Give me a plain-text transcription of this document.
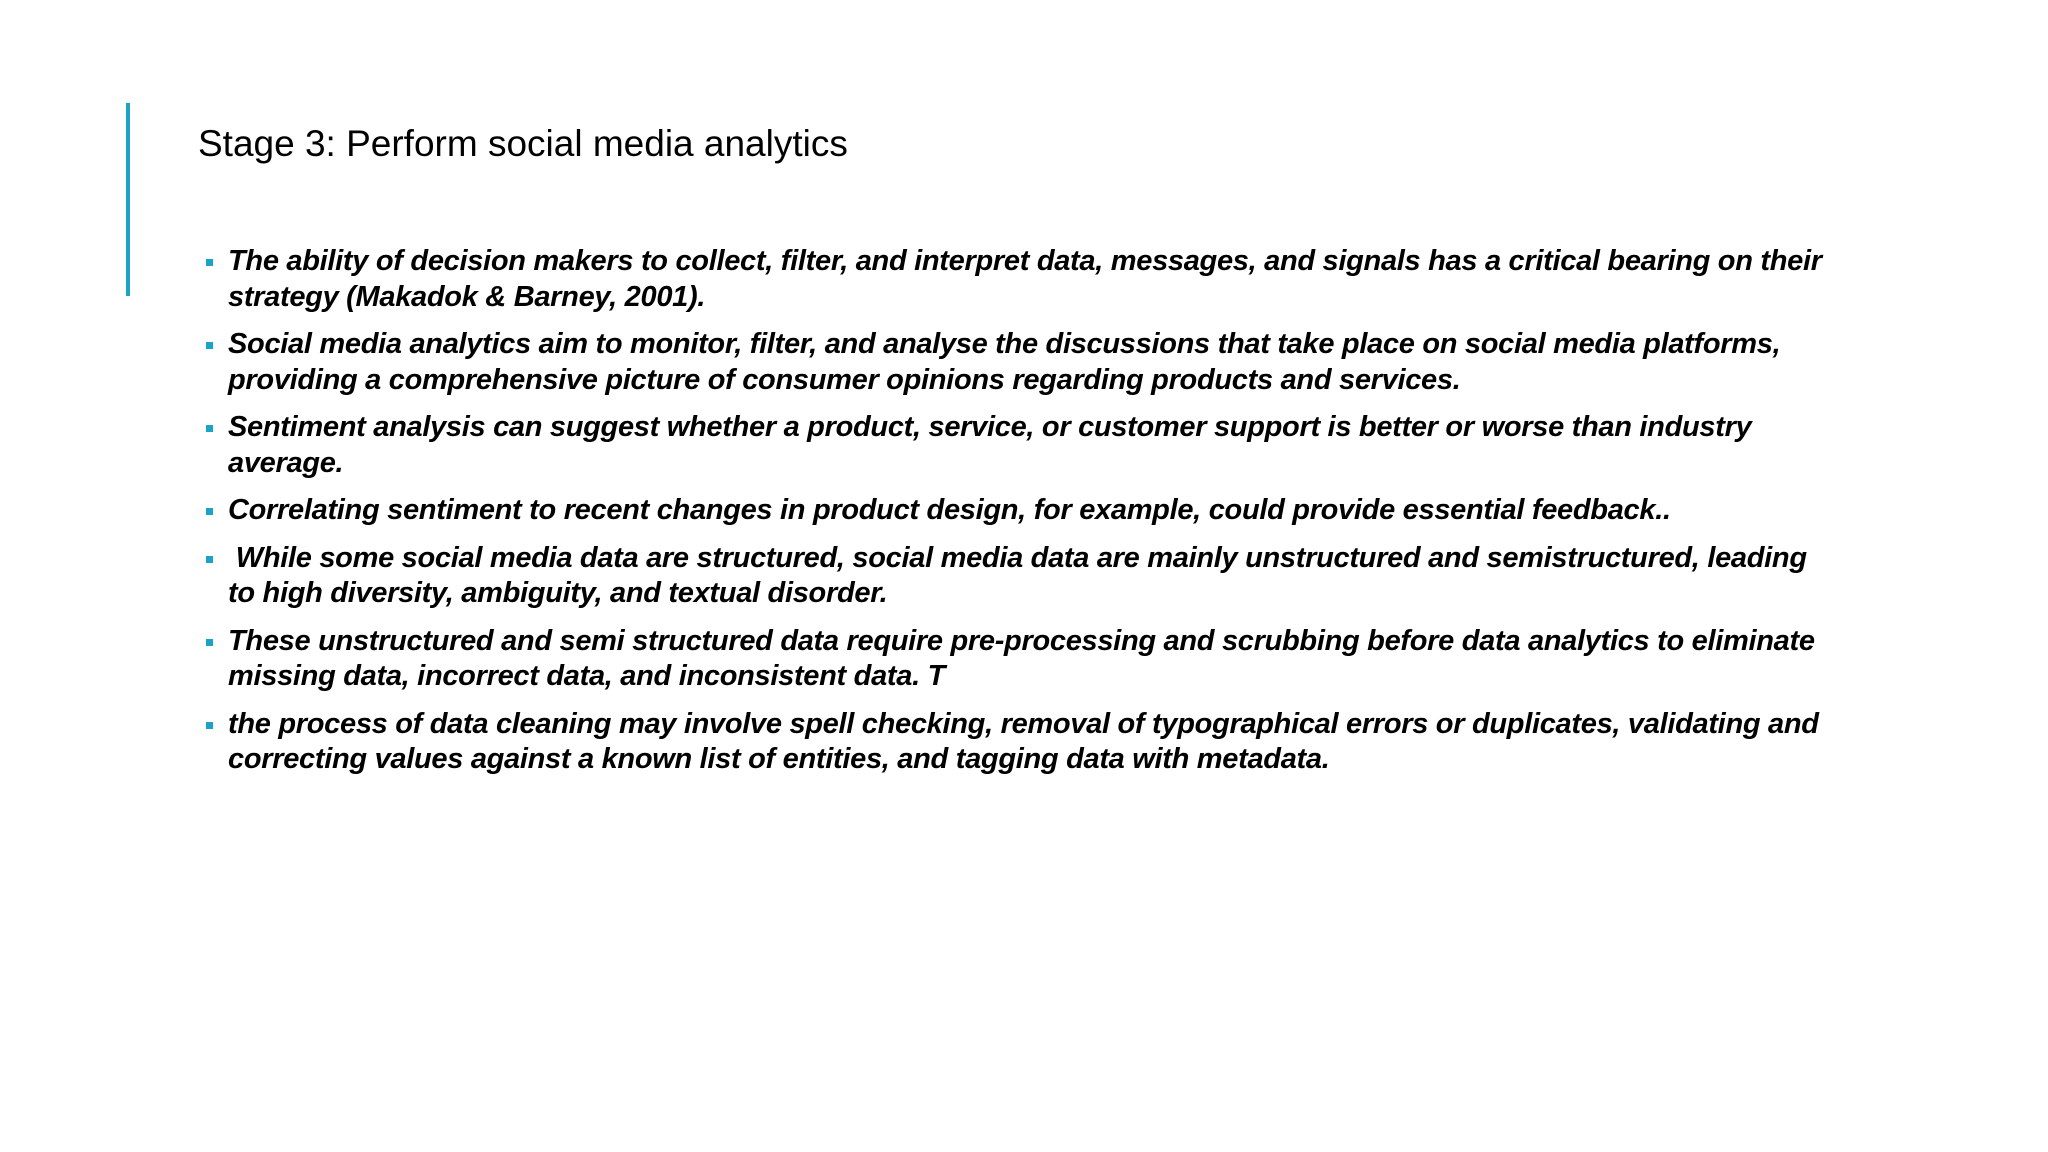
Stage 3: Perform social media analytics
The ability of decision makers to collect, filter, and interpret data, messages, and signals has a critical bearing on their strategy (Makadok & Barney, 2001).
Social media analytics aim to monitor, filter, and analyse the discussions that take place on social media platforms, providing a comprehensive picture of consumer opinions regarding products and services.
Sentiment analysis can suggest whether a product, service, or customer support is better or worse than industry average.
Correlating sentiment to recent changes in product design, for example, could provide essential feedback..
While some social media data are structured, social media data are mainly unstructured and semistructured, leading to high diversity, ambiguity, and textual disorder.
These unstructured and semi structured data require pre-processing and scrubbing before data analytics to eliminate missing data, incorrect data, and inconsistent data. T
the process of data cleaning may involve spell checking, removal of typographical errors or duplicates, validating and correcting values against a known list of entities, and tagging data with metadata.
